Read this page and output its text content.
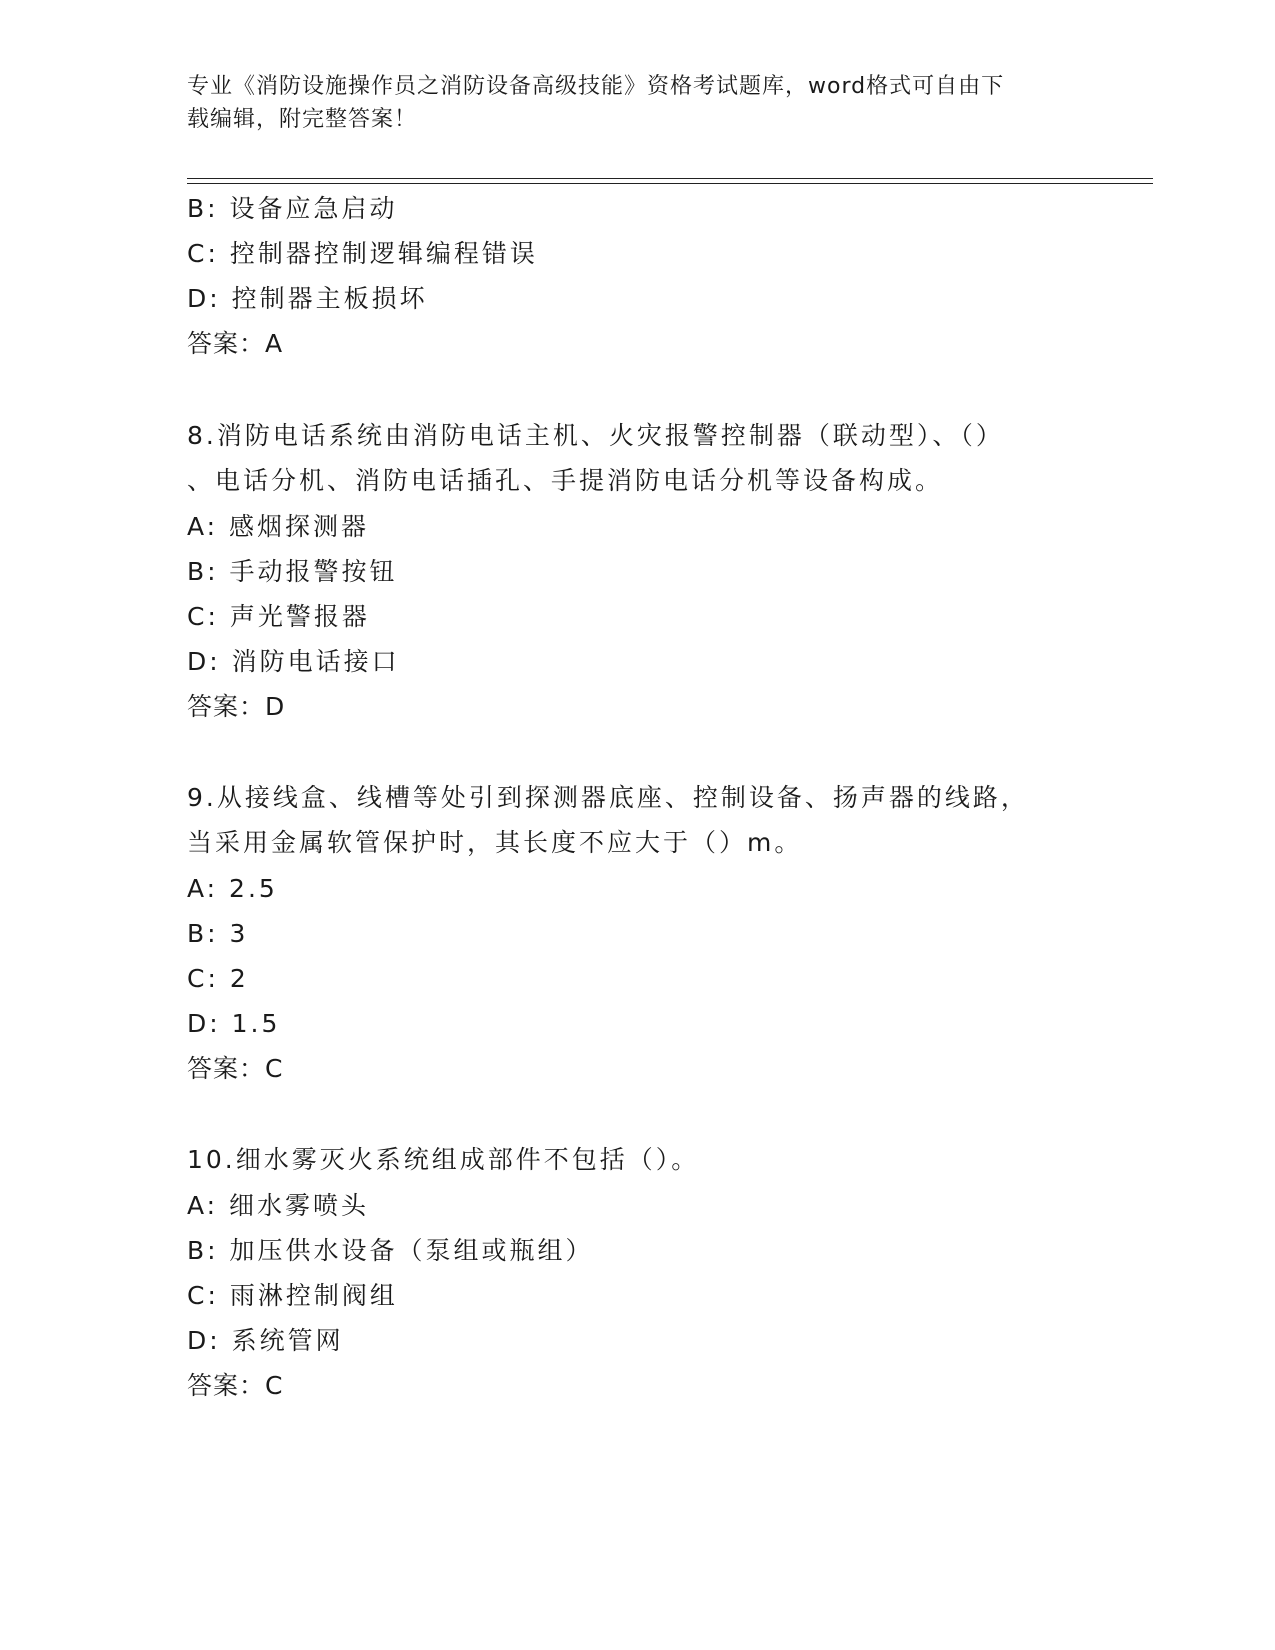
专业《消防设施操作员之消防设备高级技能》资格考试题库，word格式可自由下
载编辑，附完整答案！
B: 设备应急启动
C: 控制器控制逻辑编程错误
D: 控制器主板损坏
答案：A
8.消防电话系统由消防电话主机、火灾报警控制器（联动型）、（）
、电话分机、消防电话插孔、手提消防电话分机等设备构成。
A: 感烟探测器
B: 手动报警按钮
C: 声光警报器
D: 消防电话接口
答案：D
9.从接线盒、线槽等处引到探测器底座、控制设备、扬声器的线路，
当采用金属软管保护时，其长度不应大于（）m。
A: 2.5
B: 3
C: 2
D: 1.5
答案：C
10.细水雾灭火系统组成部件不包括（）。
A: 细水雾喷头
B: 加压供水设备（泵组或瓶组）
C: 雨淋控制阀组
D: 系统管网
答案：C
